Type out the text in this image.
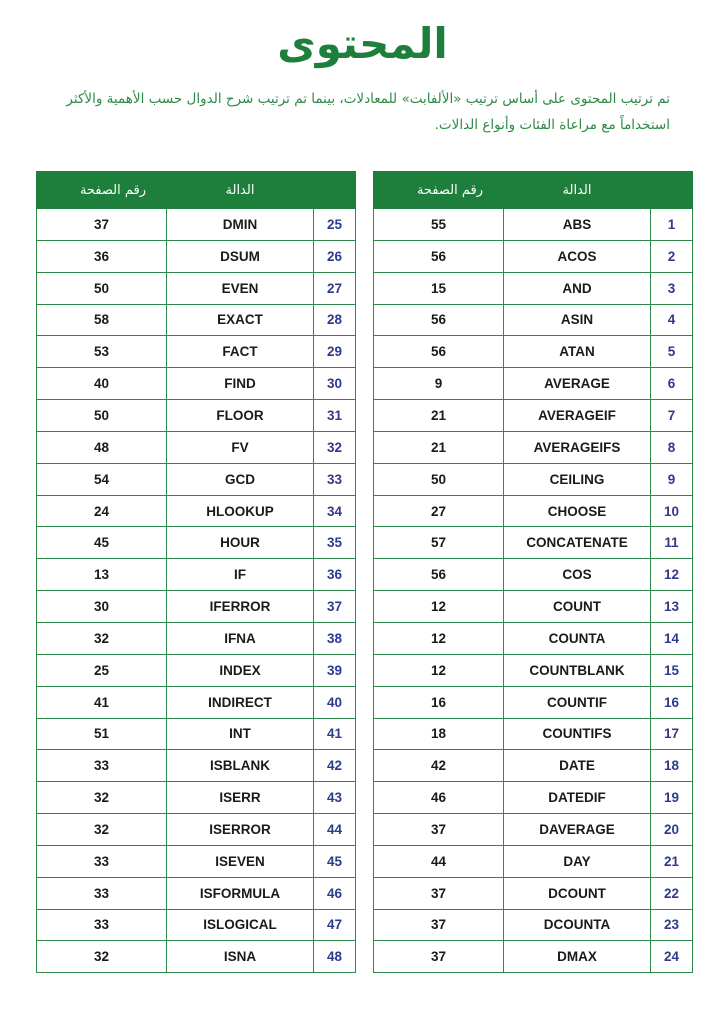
المحتوى
تم ترتيب المحتوى على أساس ترتيب «الألفابت» للمعادلات، بينما تم ترتيب شرح الدوال حسب الأهمية والأكثر استخداماً مع مراعاة الفئات وأنواع الدالات.
رقم الصفحة	الدالة	
37	DMIN	25
36	DSUM	26
50	EVEN	27
58	EXACT	28
53	FACT	29
40	FIND	30
50	FLOOR	31
48	FV	32
54	GCD	33
24	HLOOKUP	34
45	HOUR	35
13	IF	36
30	IFERROR	37
32	IFNA	38
25	INDEX	39
41	INDIRECT	40
51	INT	41
33	ISBLANK	42
32	ISERR	43
32	ISERROR	44
33	ISEVEN	45
33	ISFORMULA	46
33	ISLOGICAL	47
32	ISNA	48
رقم الصفحة	الدالة	
55	ABS	1
56	ACOS	2
15	AND	3
56	ASIN	4
56	ATAN	5
9	AVERAGE	6
21	AVERAGEIF	7
21	AVERAGEIFS	8
50	CEILING	9
27	CHOOSE	10
57	CONCATENATE	11
56	COS	12
12	COUNT	13
12	COUNTA	14
12	COUNTBLANK	15
16	COUNTIF	16
18	COUNTIFS	17
42	DATE	18
46	DATEDIF	19
37	DAVERAGE	20
44	DAY	21
37	DCOUNT	22
37	DCOUNTA	23
37	DMAX	24
